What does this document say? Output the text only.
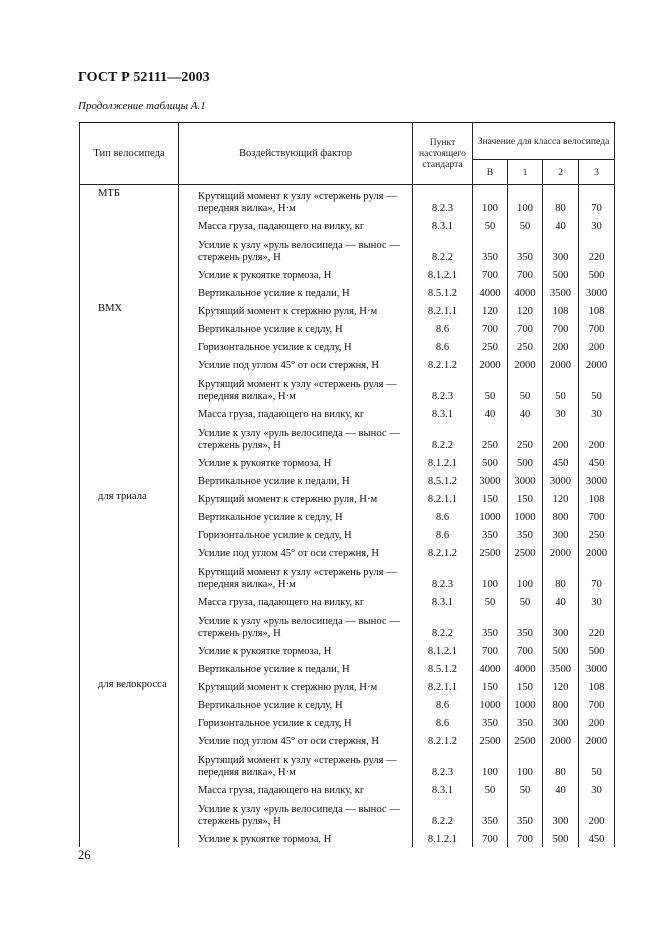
ГОСТ Р 52111—2003
Продолжение таблицы А.1
Тип велосипеда	Воздействующий фактор	Пункт настоящего стандарта	Значение для класса велосипеда			
			В	1	2	3
МТБ	Крутящий момент к узлу «стержень руля — передняя вилка», Н·м	8.2.3	100	100	80	70
	Масса груза, падающего на вилку, кг	8.3.1	50	50	40	30
	Усилие к узлу «руль велосипеда — вынос — стержень руля», Н	8.2.2	350	350	300	220
	Усилие к рукоятке тормоза, Н	8.1.2.1	700	700	500	500
	Вертикальное усилие к педали, Н	8.5.1.2	4000	4000	3500	3000
ВМХ	Крутящий момент к стержню руля, Н·м	8.2.1.1	120	120	108	108
	Вертикальное усилие к седлу, Н	8.6	700	700	700	700
	Горизонтальное усилие к седлу, Н	8.6	250	250	200	200
	Усилие под углом 45° от оси стержня, Н	8.2.1.2	2000	2000	2000	2000
	Крутящий момент к узлу «стержень руля — передняя вилка», Н·м	8.2.3	50	50	50	50
	Масса груза, падающего на вилку, кг	8.3.1	40	40	30	30
	Усилие к узлу «руль велосипеда — вынос — стержень руля», Н	8.2.2	250	250	200	200
	Усилие к рукоятке тормоза, Н	8.1.2.1	500	500	450	450
	Вертикальное усилие к педали, Н	8.5.1.2	3000	3000	3000	3000
для триала	Крутящий момент к стержню руля, Н·м	8.2.1.1	150	150	120	108
	Вертикальное усилие к седлу, Н	8.6	1000	1000	800	700
	Горизонтальное усилие к седлу, Н	8.6	350	350	300	250
	Усилие под углом 45° от оси стержня, Н	8.2.1.2	2500	2500	2000	2000
	Крутящий момент к узлу «стержень руля — передняя вилка», Н·м	8.2.3	100	100	80	70
	Масса груза, падающего на вилку, кг	8.3.1	50	50	40	30
	Усилие к узлу «руль велосипеда — вынос — стержень руля», Н	8.2.2	350	350	300	220
	Усилие к рукоятке тормоза, Н	8.1.2.1	700	700	500	500
	Вертикальное усилие к педали, Н	8.5.1.2	4000	4000	3500	3000
для велокросса	Крутящий момент к стержню руля, Н·м	8.2.1.1	150	150	120	108
	Вертикальное усилие к седлу, Н	8.6	1000	1000	800	700
	Горизонтальное усилие к седлу, Н	8.6	350	350	300	200
	Усилие под углом 45° от оси стержня, Н	8.2.1.2	2500	2500	2000	2000
	Крутящий момент к узлу «стержень руля — передняя вилка», Н·м	8.2.3	100	100	80	50
	Масса груза, падающего на вилку, кг	8.3.1	50	50	40	30
	Усилие к узлу «руль велосипеда — вынос — стержень руля», Н	8.2.2	350	350	300	200
	Усилие к рукоятке тормоза, Н	8.1.2.1	700	700	500	450
26
